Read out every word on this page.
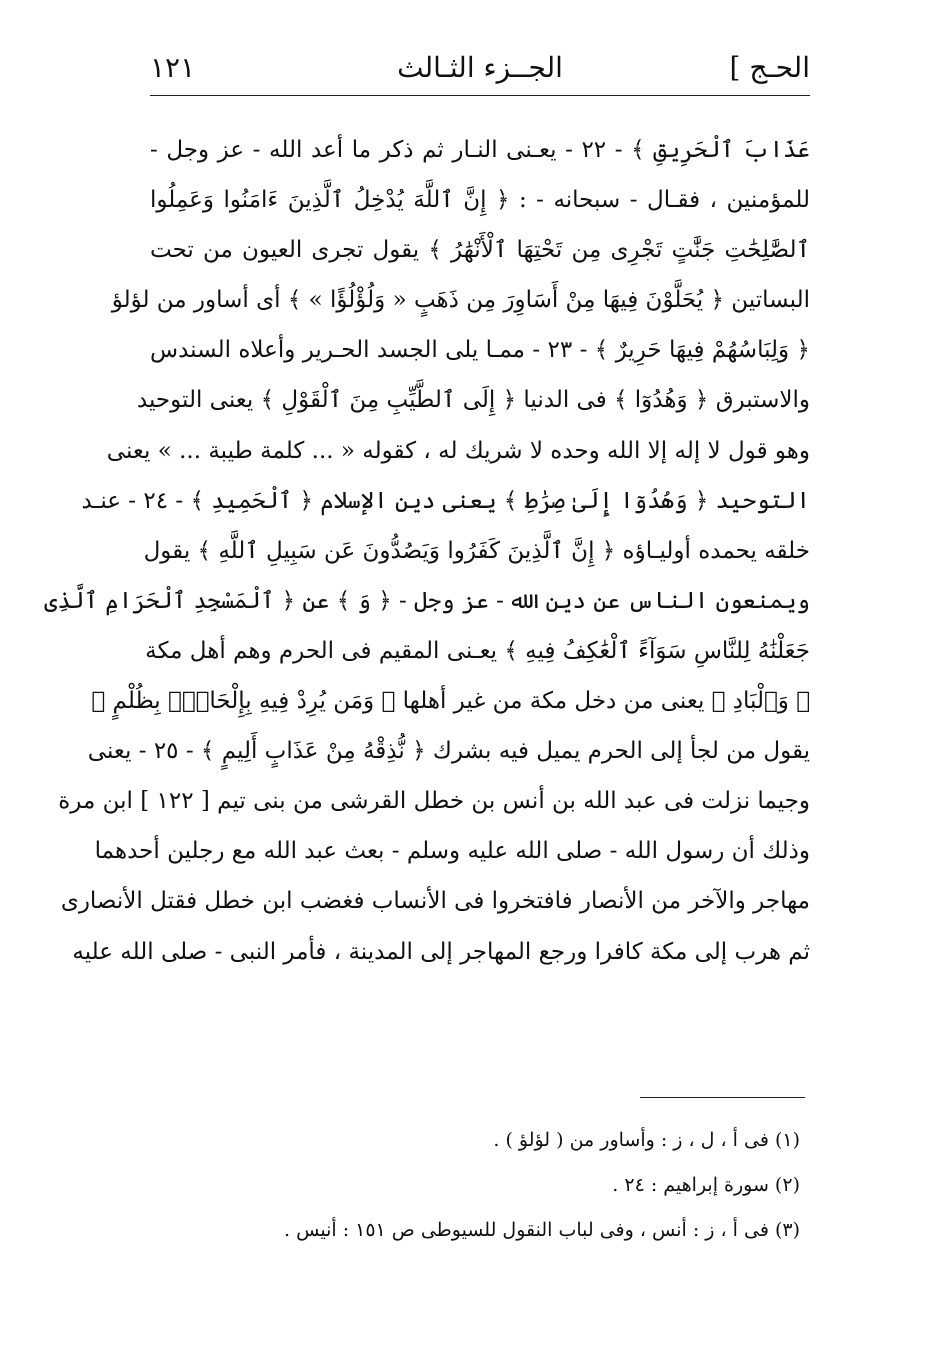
الحـج ]
الجــزء الثـالث
١٢١
عَذَابَ ٱلْحَرِيقِ ﴾ - ٢٢ - يعـنى النـار ثم ذكر ما أعد الله - عز وجل -
للمؤمنين ، فقـال - سبحانه - : ﴿ إِنَّ ٱللَّهَ يُدْخِلُ ٱلَّذِينَ ءَامَنُوا وَعَمِلُوا
ٱلصَّٰلِحَٰتِ جَنَّٰتٍ تَجْرِى مِن تَحْتِهَا ٱلْأَنْهَٰرُ ﴾ يقول تجرى العيون من تحت
البساتين ﴿ يُحَلَّوْنَ فِيهَا مِنْ أَسَاوِرَ مِن ذَهَبٍ « وَلُؤْلُؤًا » ﴾ أى أساور من لؤلؤ
﴿ وَلِبَاسُهُمْ فِيهَا حَرِيرٌ ﴾ - ٢٣ - ممـا يلى الجسد الحـرير وأعلاه السندس
والاستبرق ﴿ وَهُدُوٓا ﴾ فى الدنيا ﴿ إِلَى ٱلطَّيِّبِ مِنَ ٱلْقَوْلِ ﴾ يعنى التوحيد
وهو قول لا إله إلا الله وحده لا شريك له ، كقوله « ... كلمة طيبة ... » يعنى
التوحيد ﴿ وَهُدُوٓا إِلَىٰ صِرَٰطِ ﴾ يعنى دين الإسلام ﴿ ٱلْحَمِيدِ ﴾ - ٢٤ - عنـد
خلقه يحمده أوليـاؤه ﴿ إِنَّ ٱلَّذِينَ كَفَرُوا وَيَصُدُّونَ عَن سَبِيلِ ٱللَّهِ ﴾ يقول
ويمنعون الناس عن دين الله - عز وجل - ﴿ وَ ﴾ عن ﴿ ٱلْمَسْجِدِ ٱلْحَرَامِ ٱلَّذِى
جَعَلْنَٰهُ لِلنَّاسِ سَوَآءً ٱلْعَٰكِفُ فِيهِ ﴾ يعـنى المقيم فى الحرم وهم أهل مكة
﴿ وَٱلْبَادِ ﴾ يعنى من دخل مكة من غير أهلها ﴿ وَمَن يُرِدْ فِيهِ بِإِلْحَادٍۭ بِظُلْمٍ ﴾
يقول من لجأ إلى الحرم يميل فيه بشرك ﴿ نُّذِقْهُ مِنْ عَذَابٍ أَلِيمٍ ﴾ - ٢٥ - يعنى
وجيما نزلت فى عبد الله بن أنس بن خطل القرشى من بنى تيم [ ١٢٢ ] ابن مرة
وذلك أن رسول الله - صلى الله عليه وسلم - بعث عبد الله مع رجلين أحدهما
مهاجر والآخر من الأنصار فافتخروا فى الأنساب فغضب ابن خطل فقتل الأنصارى
ثم هرب إلى مكة كافرا ورجع المهاجر إلى المدينة ، فأمر النبى - صلى الله عليه
(١) فى أ ، ل ، ز : وأساور من ( لؤلؤ ) .
(٢) سورة إبراهيم : ٢٤ .
(٣) فى أ ، ز : أنس ، وفى لباب النقول للسيوطى ص ١٥١ : أنيس .
